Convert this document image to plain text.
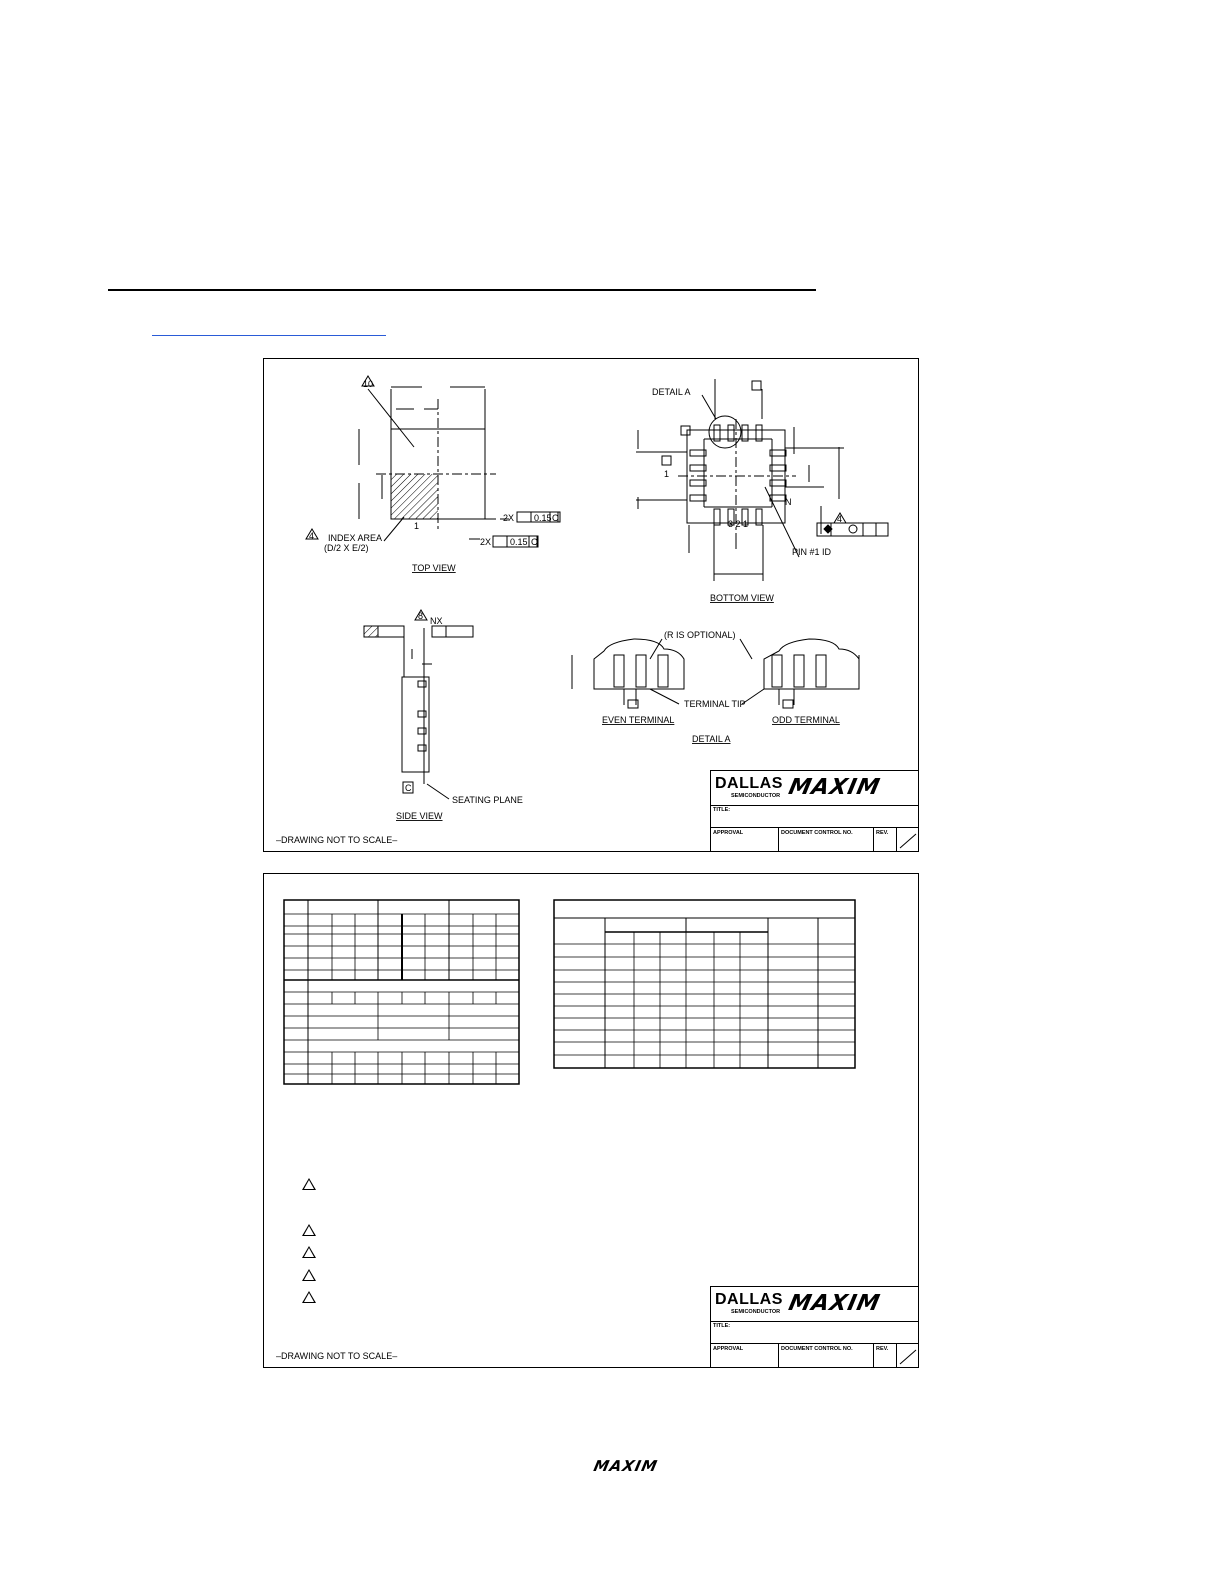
10
4 INDEX AREA
(D/2 X E/2)
1
2X 0.15 C
2X 0.15 C
TOP VIEW
DETAIL A
1
3 2 1
N
4
PIN #1 ID
BOTTOM VIEW
8 NX
C
SEATING PLANE
SIDE VIEW
(R IS OPTIONAL)
TERMINAL TIP
EVEN TERMINAL	ODD TERMINAL
DETAIL A
–DRAWING NOT TO SCALE–
DALLAS
SEMICONDUCTOR MAXIM
TITLE:
APPROVAL	DOCUMENT CONTROL NO.	REV.
–DRAWING NOT TO SCALE–
DALLAS
SEMICONDUCTOR MAXIM
TITLE:
APPROVAL	DOCUMENT CONTROL NO.	REV.
MAXIM
